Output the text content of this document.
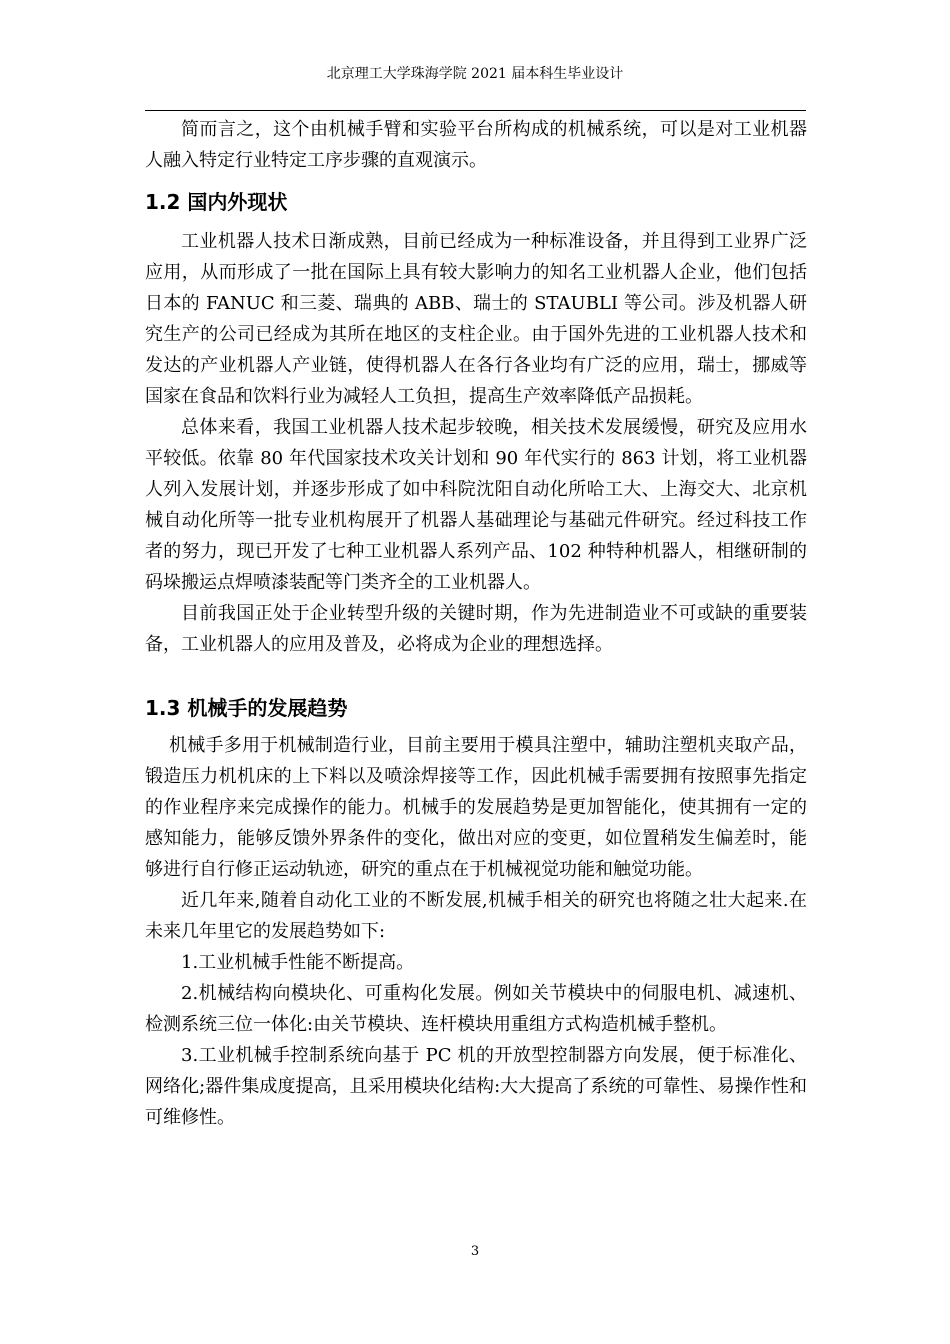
北京理工大学珠海学院 2021 届本科生毕业设计

简而言之，这个由机械手臂和实验平台所构成的机械系统，可以是对工业机器人融入特定行业特定工序步骤的直观演示。

1.2 国内外现状

工业机器人技术日渐成熟，目前已经成为一种标准设备，并且得到工业界广泛应用，从而形成了一批在国际上具有较大影响力的知名工业机器人企业，他们包括日本的 FANUC 和三菱、瑞典的 ABB、瑞士的 STAUBLI 等公司。涉及机器人研究生产的公司已经成为其所在地区的支柱企业。由于国外先进的工业机器人技术和发达的产业机器人产业链，使得机器人在各行各业均有广泛的应用，瑞士，挪威等国家在食品和饮料行业为减轻人工负担，提高生产效率降低产品损耗。

总体来看，我国工业机器人技术起步较晚，相关技术发展缓慢，研究及应用水平较低。依靠 80 年代国家技术攻关计划和 90 年代实行的 863 计划，将工业机器人列入发展计划，并逐步形成了如中科院沈阳自动化所哈工大、上海交大、北京机械自动化所等一批专业机构展开了机器人基础理论与基础元件研究。经过科技工作者的努力，现已开发了七种工业机器人系列产品、102 种特种机器人，相继研制的码垛搬运点焊喷漆装配等门类齐全的工业机器人。

目前我国正处于企业转型升级的关键时期，作为先进制造业不可或缺的重要装备，工业机器人的应用及普及，必将成为企业的理想选择。

1.3 机械手的发展趋势

机械手多用于机械制造行业，目前主要用于模具注塑中，辅助注塑机夹取产品，锻造压力机机床的上下料以及喷涂焊接等工作，因此机械手需要拥有按照事先指定的作业程序来完成操作的能力。机械手的发展趋势是更加智能化，使其拥有一定的感知能力，能够反馈外界条件的变化，做出对应的变更，如位置稍发生偏差时，能够进行自行修正运动轨迹，研究的重点在于机械视觉功能和触觉功能。

近几年来,随着自动化工业的不断发展,机械手相关的研究也将随之壮大起来.在未来几年里它的发展趋势如下:

1.工业机械手性能不断提高。

2.机械结构向模块化、可重构化发展。例如关节模块中的伺服电机、减速机、检测系统三位一体化:由关节模块、连杆模块用重组方式构造机械手整机。

3.工业机械手控制系统向基于 PC 机的开放型控制器方向发展，便于标准化、网络化;器件集成度提高，且采用模块化结构:大大提高了系统的可靠性、易操作性和可维修性。

3
